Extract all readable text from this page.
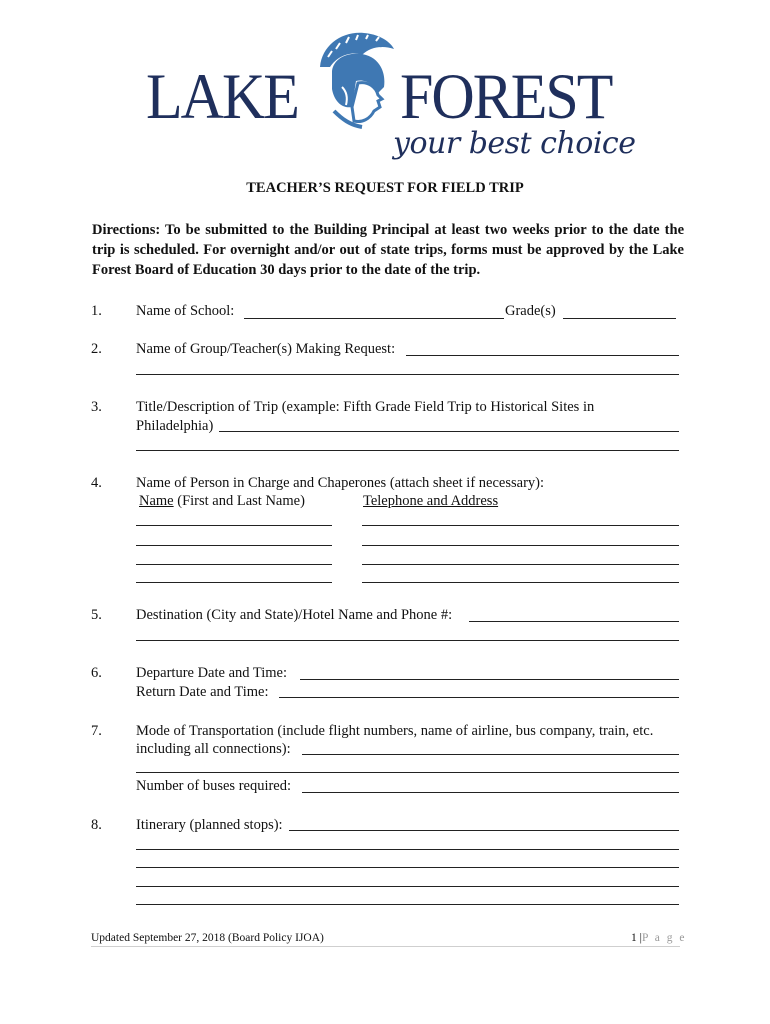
LAKE FOREST
your best choice
TEACHER’S REQUEST FOR FIELD TRIP
Directions: To be submitted to the Building Principal at least two weeks prior to the date the trip is scheduled. For overnight and/or out of state trips, forms must be approved by the Lake Forest Board of Education 30 days prior to the date of the trip.
1. Name of School:	Grade(s)
2. Name of Group/Teacher(s) Making Request:
3. Title/Description of Trip (example: Fifth Grade Field Trip to Historical Sites in
Philadelphia)
4. Name of Person in Charge and Chaperones (attach sheet if necessary):
Name (First and Last Name)	Telephone and Address
5. Destination (City and State)/Hotel Name and Phone #:
6. Departure Date and Time:
Return Date and Time:
7. Mode of Transportation (include flight numbers, name of airline, bus company, train, etc.
including all connections):
Number of buses required:
8. Itinerary (planned stops):
Updated September 27, 2018 (Board Policy IJOA)	1 |P a g e
